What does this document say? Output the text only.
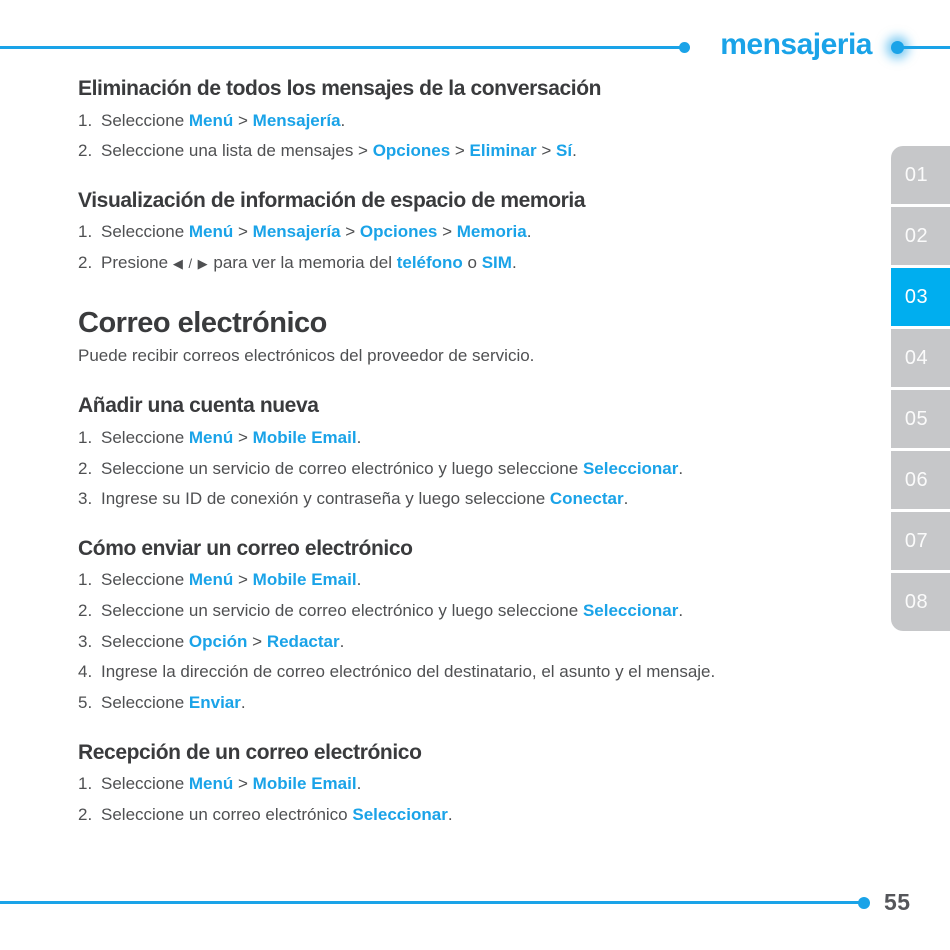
mensajeria
Eliminación de todos los mensajes de la conversación
1. Seleccione Menú > Mensajería.
2. Seleccione una lista de mensajes > Opciones > Eliminar > Sí.
Visualización de información de espacio de memoria
1. Seleccione Menú > Mensajería > Opciones > Memoria.
2. Presione ◀ / ▶ para ver la memoria del teléfono o SIM.
Correo electrónico

Puede recibir correos electrónicos del proveedor de servicio.

Añadir una cuenta nueva
1. Seleccione Menú > Mobile Email.
2. Seleccione un servicio de correo electrónico y luego seleccione Seleccionar.
3. Ingrese su ID de conexión y contraseña y luego seleccione Conectar.
Cómo enviar un correo electrónico
1. Seleccione Menú > Mobile Email.
2. Seleccione un servicio de correo electrónico y luego seleccione Seleccionar.
3. Seleccione Opción > Redactar.
4. Ingrese la dirección de correo electrónico del destinatario, el asunto y el mensaje.
5. Seleccione Enviar.
Recepción de un correo electrónico
1. Seleccione Menú > Mobile Email.
2. Seleccione un correo electrónico Seleccionar.
01
02
03
04
05
06
07
08
55
